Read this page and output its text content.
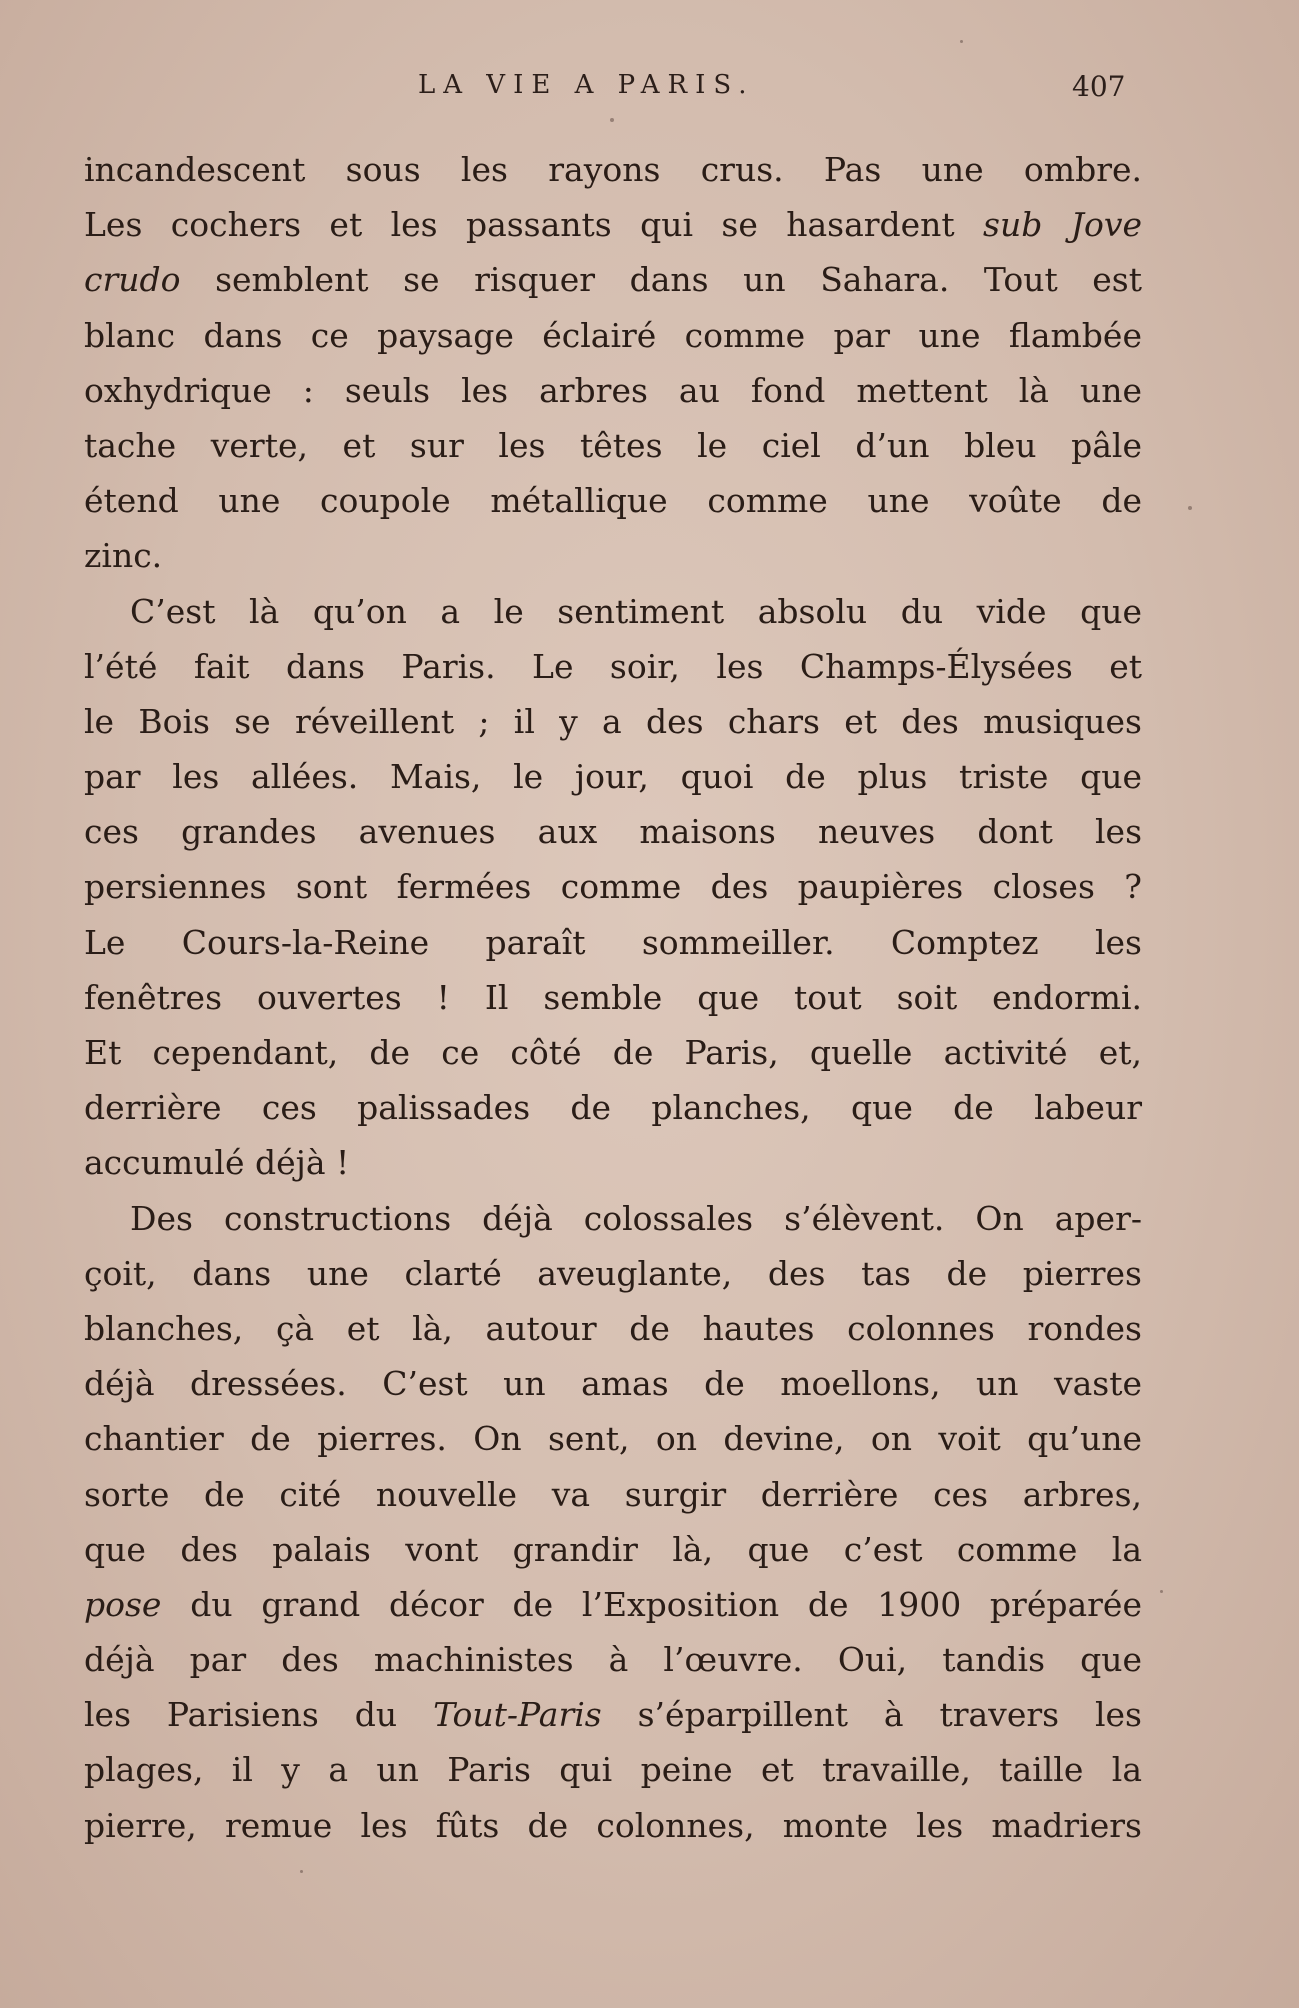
LA VIE A PARIS.	407
incandescent sous les rayons crus. Pas une ombre.
Les cochers et les passants qui se hasardent sub Jove
crudo semblent se risquer dans un Sahara. Tout est
blanc dans ce paysage éclairé comme par une flambée
oxhydrique : seuls les arbres au fond mettent là une
tache verte, et sur les têtes le ciel d’un bleu pâle
étend une coupole métallique comme une voûte de
zinc.
C’est là qu’on a le sentiment absolu du vide que
l’été fait dans Paris. Le soir, les Champs-Élysées et
le Bois se réveillent ; il y a des chars et des musiques
par les allées. Mais, le jour, quoi de plus triste que
ces grandes avenues aux maisons neuves dont les
persiennes sont fermées comme des paupières closes ?
Le Cours-la-Reine paraît sommeiller. Comptez les
fenêtres ouvertes ! Il semble que tout soit endormi.
Et cependant, de ce côté de Paris, quelle activité et,
derrière ces palissades de planches, que de labeur
accumulé déjà !
Des constructions déjà colossales s’élèvent. On aper-
çoit, dans une clarté aveuglante, des tas de pierres
blanches, çà et là, autour de hautes colonnes rondes
déjà dressées. C’est un amas de moellons, un vaste
chantier de pierres. On sent, on devine, on voit qu’une
sorte de cité nouvelle va surgir derrière ces arbres,
que des palais vont grandir là, que c’est comme la
pose du grand décor de l’Exposition de 1900 préparée
déjà par des machinistes à l’œuvre. Oui, tandis que
les Parisiens du Tout-Paris s’éparpillent à travers les
plages, il y a un Paris qui peine et travaille, taille la
pierre, remue les fûts de colonnes, monte les madriers
